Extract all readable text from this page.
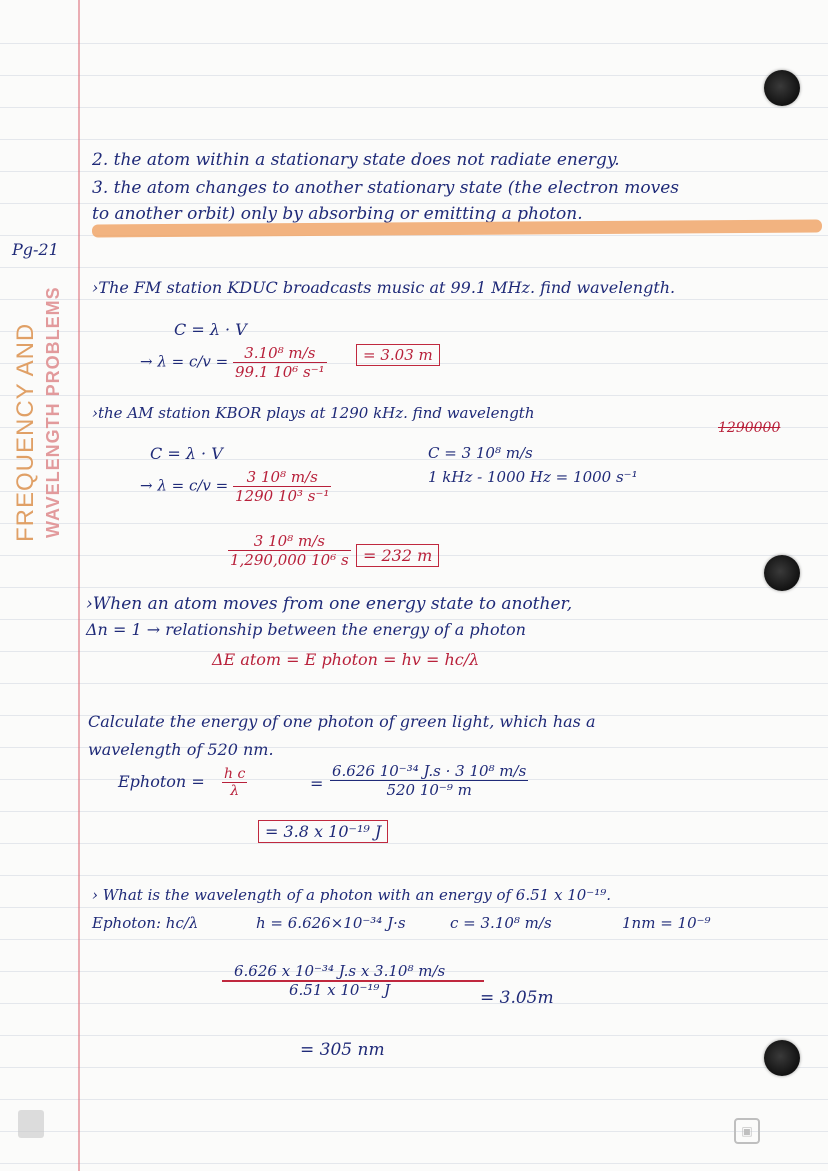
Pg-21
FREQUENCY AND WAVELENGTH PROBLEMS
2. the atom within a stationary state does not radiate energy.
3. the atom changes to another stationary state (the electron moves
to another orbit) only by absorbing or emitting a photon.
›The FM station KDUC broadcasts music at 99.1 MHz. find wavelength.
C = λ · V
→ $\lambda = c/v = \frac{\text{3.10⁸ m/s}}{\text{99.1 10⁶ s⁻¹}}$	= 3.03 m
›the AM station KBOR plays at 1290 kHz. find wavelength
1290000
C = λ · V
→ $\lambda = c/v = \frac{\text{3 10⁸ m/s}}{\text{1290 10³ s⁻¹}}$
C = 3 10⁸ m/s
1 kHz - 1000 Hz = 1000 s⁻¹
$\frac{\text{3 10⁸ m/s}}{\text{1,290,000 10⁶ s}} = 232$ m
›When an atom moves from one energy state to another,
Δn = 1 → relationship between the energy of a photon
ΔE atom = E photon = hv = hc/λ
Calculate the energy of one photon of green light, which has a
wavelength of 520 nm.
Ephoton = $\frac{\text{h c}}{\lambda}$	= $\frac{\text{6.626 10⁻³⁴ J.s · 3 10⁸ m/s}}{\text{520 10⁻⁹ m}}$
= 3.8 x 10⁻¹⁹ J
› What is the wavelength of a photon with an energy of 6.51 x 10⁻¹⁹.
Ephoton: hc/λ	h = 6.626×10⁻³⁴ J·s	c = 3.10⁸ m/s	1nm = 10⁻⁹
$\frac{\text{6.626 x 10⁻³⁴ J.s x 3.10⁸ m/s}}{\text{6.51 x 10⁻¹⁹ J}} = 3.05m$
= 305 nm
▣
